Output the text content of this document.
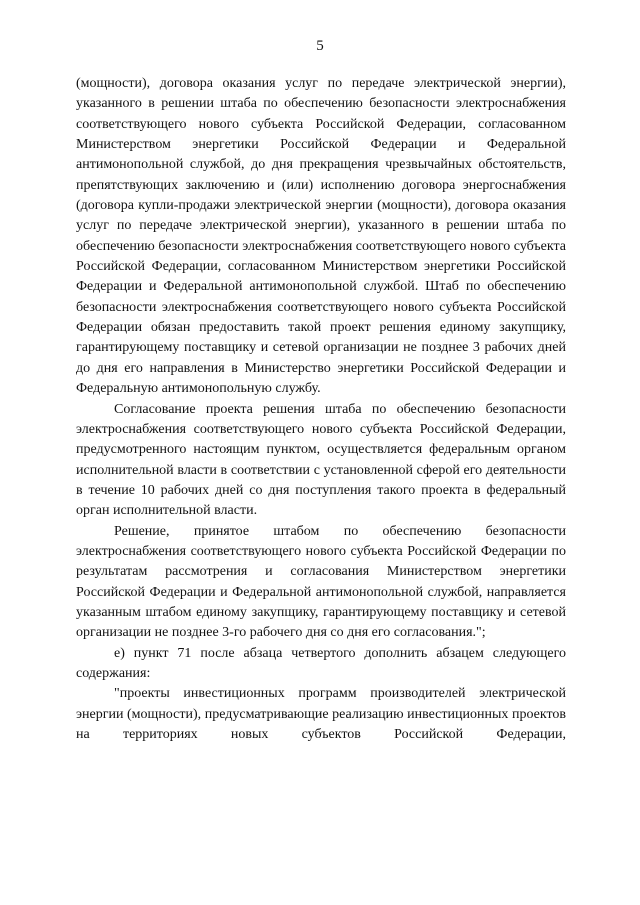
5

(мощности), договора оказания услуг по передаче электрической энергии), указанного в решении штаба по обеспечению безопасности электроснабжения соответствующего нового субъекта Российской Федерации, согласованном Министерством энергетики Российской Федерации и Федеральной антимонопольной службой, до дня прекращения чрезвычайных обстоятельств, препятствующих заключению и (или) исполнению договора энергоснабжения (договора купли-продажи электрической энергии (мощности), договора оказания услуг по передаче электрической энергии), указанного в решении штаба по обеспечению безопасности электроснабжения соответствующего нового субъекта Российской Федерации, согласованном Министерством энергетики Российской Федерации и Федеральной антимонопольной службой. Штаб по обеспечению безопасности электроснабжения соответствующего нового субъекта Российской Федерации обязан предоставить такой проект решения единому закупщику, гарантирующему поставщику и сетевой организации не позднее 3 рабочих дней до дня его направления в Министерство энергетики Российской Федерации и Федеральную антимонопольную службу.

Согласование проекта решения штаба по обеспечению безопасности электроснабжения соответствующего нового субъекта Российской Федерации, предусмотренного настоящим пунктом, осуществляется федеральным органом исполнительной власти в соответствии с установленной сферой его деятельности в течение 10 рабочих дней со дня поступления такого проекта в федеральный орган исполнительной власти.

Решение, принятое штабом по обеспечению безопасности электроснабжения соответствующего нового субъекта Российской Федерации по результатам рассмотрения и согласования Министерством энергетики Российской Федерации и Федеральной антимонопольной службой, направляется указанным штабом единому закупщику, гарантирующему поставщику и сетевой организации не позднее 3-го рабочего дня со дня его согласования.";

е) пункт 71 после абзаца четвертого дополнить абзацем следующего содержания:

"проекты инвестиционных программ производителей электрической энергии (мощности), предусматривающие реализацию инвестиционных проектов на территориях новых субъектов Российской Федерации,
